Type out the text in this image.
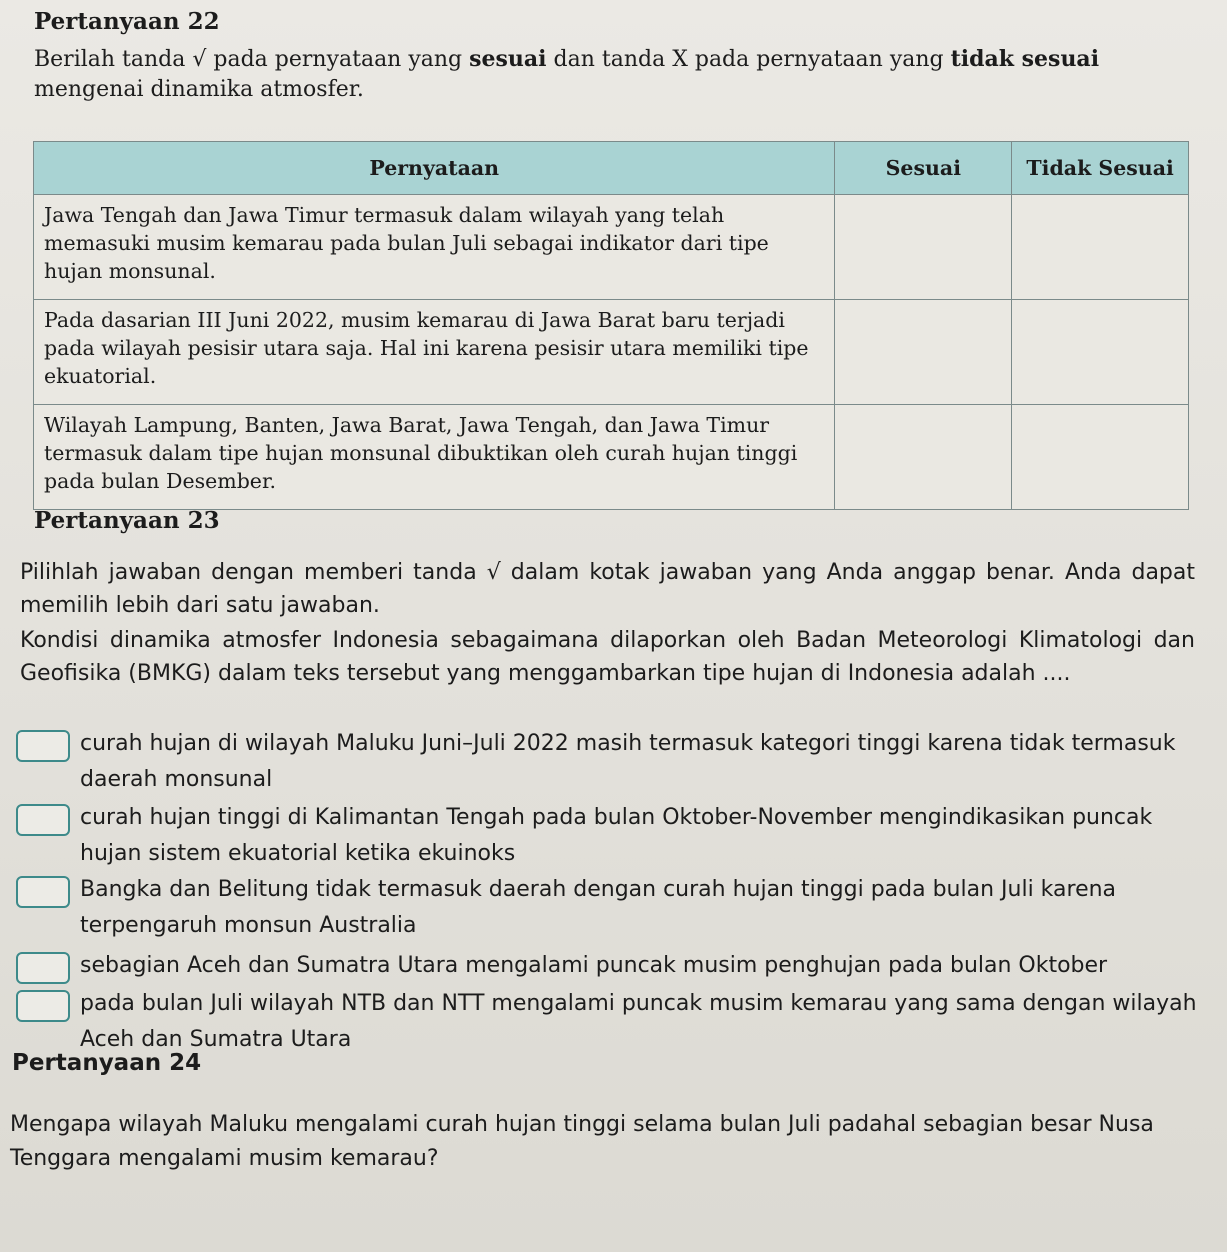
Pertanyaan 22
Berilah tanda √ pada pernyataan yang sesuai dan tanda X pada pernyataan yang tidak sesuai mengenai dinamika atmosfer.
Pernyataan	Sesuai	Tidak Sesuai
Jawa Tengah dan Jawa Timur termasuk dalam wilayah yang telah memasuki musim kemarau pada bulan Juli sebagai indikator dari tipe hujan monsunal.		
Pada dasarian III Juni 2022, musim kemarau di Jawa Barat baru terjadi pada wilayah pesisir utara saja. Hal ini karena pesisir utara memiliki tipe ekuatorial.		
Wilayah Lampung, Banten, Jawa Barat, Jawa Tengah, dan Jawa Timur termasuk dalam tipe hujan monsunal dibuktikan oleh curah hujan tinggi pada bulan Desember.		
Pertanyaan 23
Pilihlah jawaban dengan memberi tanda √ dalam kotak jawaban yang Anda anggap benar. Anda dapat memilih lebih dari satu jawaban.
Kondisi dinamika atmosfer Indonesia sebagaimana dilaporkan oleh Badan Meteorologi Klimatologi dan Geofisika (BMKG) dalam teks tersebut yang menggambarkan tipe hujan di Indonesia adalah ....
curah hujan di wilayah Maluku Juni–Juli 2022 masih termasuk kategori tinggi karena tidak termasuk daerah monsunal
curah hujan tinggi di Kalimantan Tengah pada bulan Oktober-November mengindikasikan puncak hujan sistem ekuatorial ketika ekuinoks
Bangka dan Belitung tidak termasuk daerah dengan curah hujan tinggi pada bulan Juli karena terpengaruh monsun Australia
sebagian Aceh dan Sumatra Utara mengalami puncak musim penghujan pada bulan Oktober
pada bulan Juli wilayah NTB dan NTT mengalami puncak musim kemarau yang sama dengan wilayah Aceh dan Sumatra Utara
Pertanyaan 24
Mengapa wilayah Maluku mengalami curah hujan tinggi selama bulan Juli padahal sebagian besar Nusa Tenggara mengalami musim kemarau?
